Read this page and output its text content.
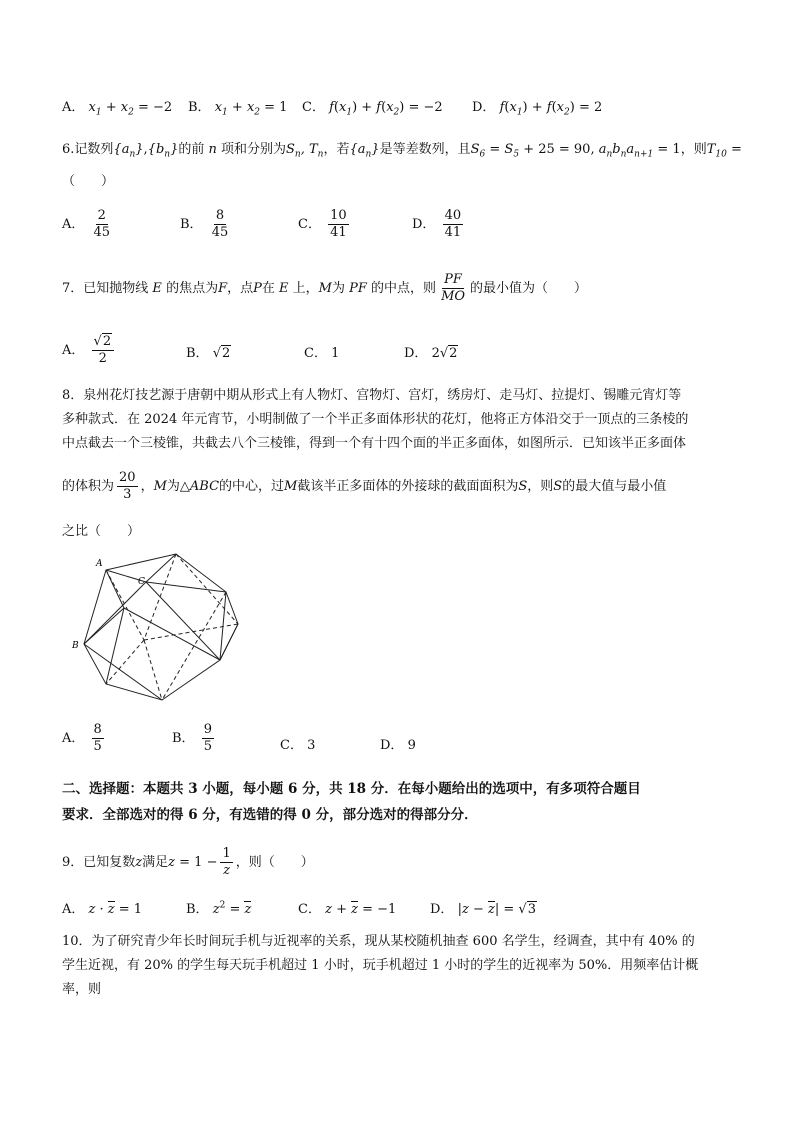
A． $x_1 + x_2 = -2$ B． $x_1 + x_2 = 1$ C． $f(x_1) + f(x_2) = -2$ D． $f(x_1) + f(x_2) = 2$
6.记数列$\{a_n\},\{b_n\}$的前 n 项和分别为$S_n$, $T_n$，若$\{a_n\}$是等差数列，且$S_6 = S_5 + 25 = 90$, $a_nb_na_{n+1} = 1$，则$T_{10}$ =
（　　）
A． $\frac{2}{45}$	B． $\frac{8}{45}$	C． $\frac{10}{41}$	D． $\frac{40}{41}$
7．已知抛物线 E 的焦点为F，点P在 E 上，M为 PF 的中点，则 $\frac{PF}{MO}$ 的最小值为（　　）
A． $\frac{√2}{2}$	B． √2	C． 1	D． 2√2
8．泉州花灯技艺源于唐朝中期从形式上有人物灯、宫物灯、宫灯，绣房灯、走马灯、拉提灯、锡雕元宵灯等
多种款式．在 2024 年元宵节，小明制做了一个半正多面体形状的花灯，他将正方体沿交于一顶点的三条棱的
中点截去一个三棱锥，共截去八个三棱锥，得到一个有十四个面的半正多面体，如图所示．已知该半正多面体
的体积为 $\frac{20}{3}$ ，M为△ABC的中心，过M截该半正多面体的外接球的截面面积为S，则S的最大值与最小值
之比（　　）
A
C
B
A． $\frac{8}{5}$	B． $\frac{9}{5}$	C． 3	D． 9
二、选择题：本题共 3 小题，每小题 6 分，共 18 分．在每小题给出的选项中，有多项符合题目
要求．全部选对的得 6 分，有选错的得 0 分，部分选对的得部分分．
9．已知复数z满足$z = 1 - \frac{1}{z}$ ，则（　　）
A． z · z = 1	B． $z^2 = z$	C． z + z = −1	D． |z − z| = √3
10．为了研究青少年长时间玩手机与近视率的关系，现从某校随机抽查 600 名学生，经调查，其中有 40% 的
学生近视，有 20% 的学生每天玩手机超过 1 小时，玩手机超过 1 小时的学生的近视率为 50%．用频率估计概
率，则
